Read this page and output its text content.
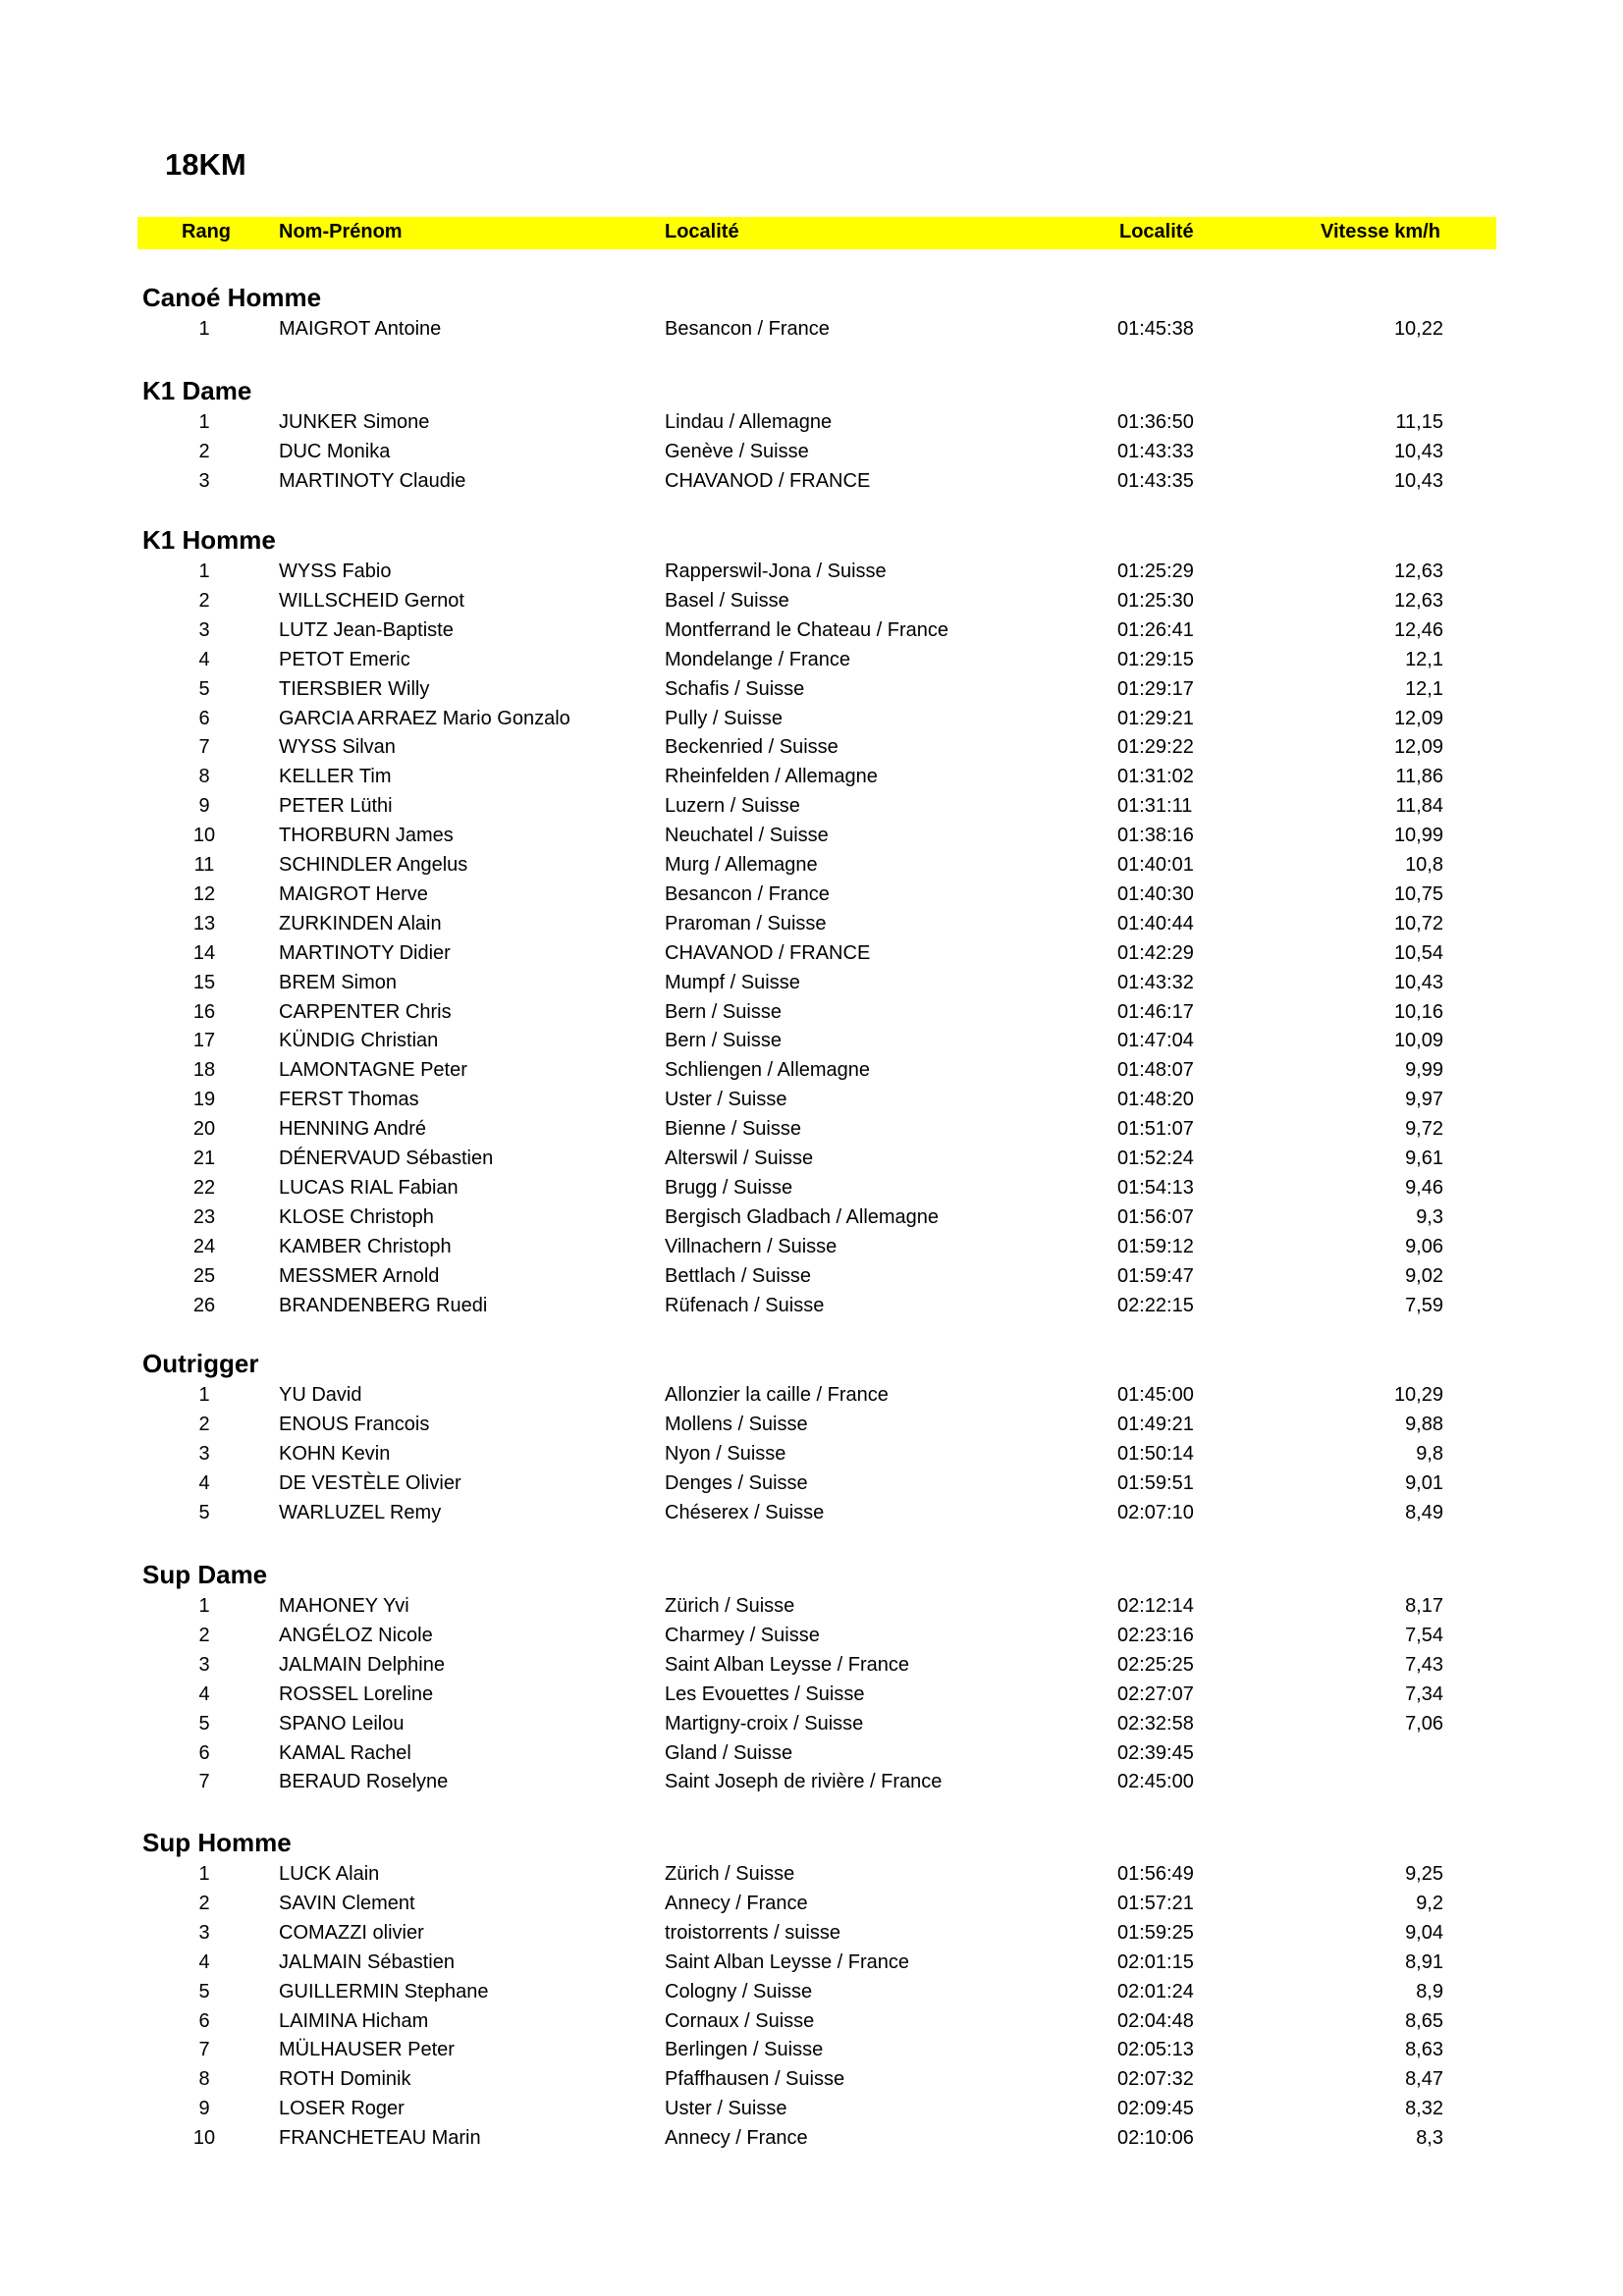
18KM
Rang Nom-Prénom	Localité	Localité	Vitesse km/h
Canoé Homme
1	MAIGROT Antoine	Besancon / France	01:45:38	10,22
K1 Dame
1	JUNKER Simone	Lindau / Allemagne	01:36:50	11,15
2	DUC Monika	Genève / Suisse	01:43:33	10,43
3	MARTINOTY Claudie	CHAVANOD / FRANCE	01:43:35	10,43
K1 Homme
1	WYSS Fabio	Rapperswil-Jona / Suisse	01:25:29	12,63
2	WILLSCHEID Gernot	Basel / Suisse	01:25:30	12,63
3	LUTZ Jean-Baptiste	Montferrand le Chateau / France	01:26:41	12,46
4	PETOT Emeric	Mondelange / France	01:29:15	12,1
5	TIERSBIER Willy	Schafis / Suisse	01:29:17	12,1
6	GARCIA ARRAEZ Mario Gonzalo	Pully / Suisse	01:29:21	12,09
7	WYSS Silvan	Beckenried / Suisse	01:29:22	12,09
8	KELLER Tim	Rheinfelden / Allemagne	01:31:02	11,86
9	PETER Lüthi	Luzern / Suisse	01:31:11	11,84
10	THORBURN James	Neuchatel / Suisse	01:38:16	10,99
11	SCHINDLER Angelus	Murg / Allemagne	01:40:01	10,8
12	MAIGROT Herve	Besancon / France	01:40:30	10,75
13	ZURKINDEN Alain	Praroman / Suisse	01:40:44	10,72
14	MARTINOTY Didier	CHAVANOD / FRANCE	01:42:29	10,54
15	BREM Simon	Mumpf / Suisse	01:43:32	10,43
16	CARPENTER Chris	Bern / Suisse	01:46:17	10,16
17	KÜNDIG Christian	Bern / Suisse	01:47:04	10,09
18	LAMONTAGNE Peter	Schliengen / Allemagne	01:48:07	9,99
19	FERST Thomas	Uster / Suisse	01:48:20	9,97
20	HENNING André	Bienne / Suisse	01:51:07	9,72
21	DÉNERVAUD Sébastien	Alterswil / Suisse	01:52:24	9,61
22	LUCAS RIAL Fabian	Brugg / Suisse	01:54:13	9,46
23	KLOSE Christoph	Bergisch Gladbach / Allemagne	01:56:07	9,3
24	KAMBER Christoph	Villnachern / Suisse	01:59:12	9,06
25	MESSMER Arnold	Bettlach / Suisse	01:59:47	9,02
26	BRANDENBERG Ruedi	Rüfenach / Suisse	02:22:15	7,59
Outrigger
1	YU David	Allonzier la caille / France	01:45:00	10,29
2	ENOUS Francois	Mollens / Suisse	01:49:21	9,88
3	KOHN Kevin	Nyon / Suisse	01:50:14	9,8
4	DE VESTÈLE Olivier	Denges / Suisse	01:59:51	9,01
5	WARLUZEL Remy	Chéserex / Suisse	02:07:10	8,49
Sup Dame
1	MAHONEY Yvi	Zürich / Suisse	02:12:14	8,17
2	ANGÉLOZ Nicole	Charmey / Suisse	02:23:16	7,54
3	JALMAIN Delphine	Saint Alban Leysse / France	02:25:25	7,43
4	ROSSEL Loreline	Les Evouettes / Suisse	02:27:07	7,34
5	SPANO Leilou	Martigny-croix / Suisse	02:32:58	7,06
6	KAMAL Rachel	Gland / Suisse	02:39:45
7	BERAUD Roselyne	Saint Joseph de rivière / France	02:45:00
Sup Homme
1	LUCK Alain	Zürich / Suisse	01:56:49	9,25
2	SAVIN Clement	Annecy / France	01:57:21	9,2
3	COMAZZI olivier	troistorrents / suisse	01:59:25	9,04
4	JALMAIN Sébastien	Saint Alban Leysse / France	02:01:15	8,91
5	GUILLERMIN Stephane	Cologny / Suisse	02:01:24	8,9
6	LAIMINA Hicham	Cornaux / Suisse	02:04:48	8,65
7	MÜLHAUSER Peter	Berlingen / Suisse	02:05:13	8,63
8	ROTH Dominik	Pfaffhausen / Suisse	02:07:32	8,47
9	LOSER Roger	Uster / Suisse	02:09:45	8,32
10	FRANCHETEAU Marin	Annecy / France	02:10:06	8,3
